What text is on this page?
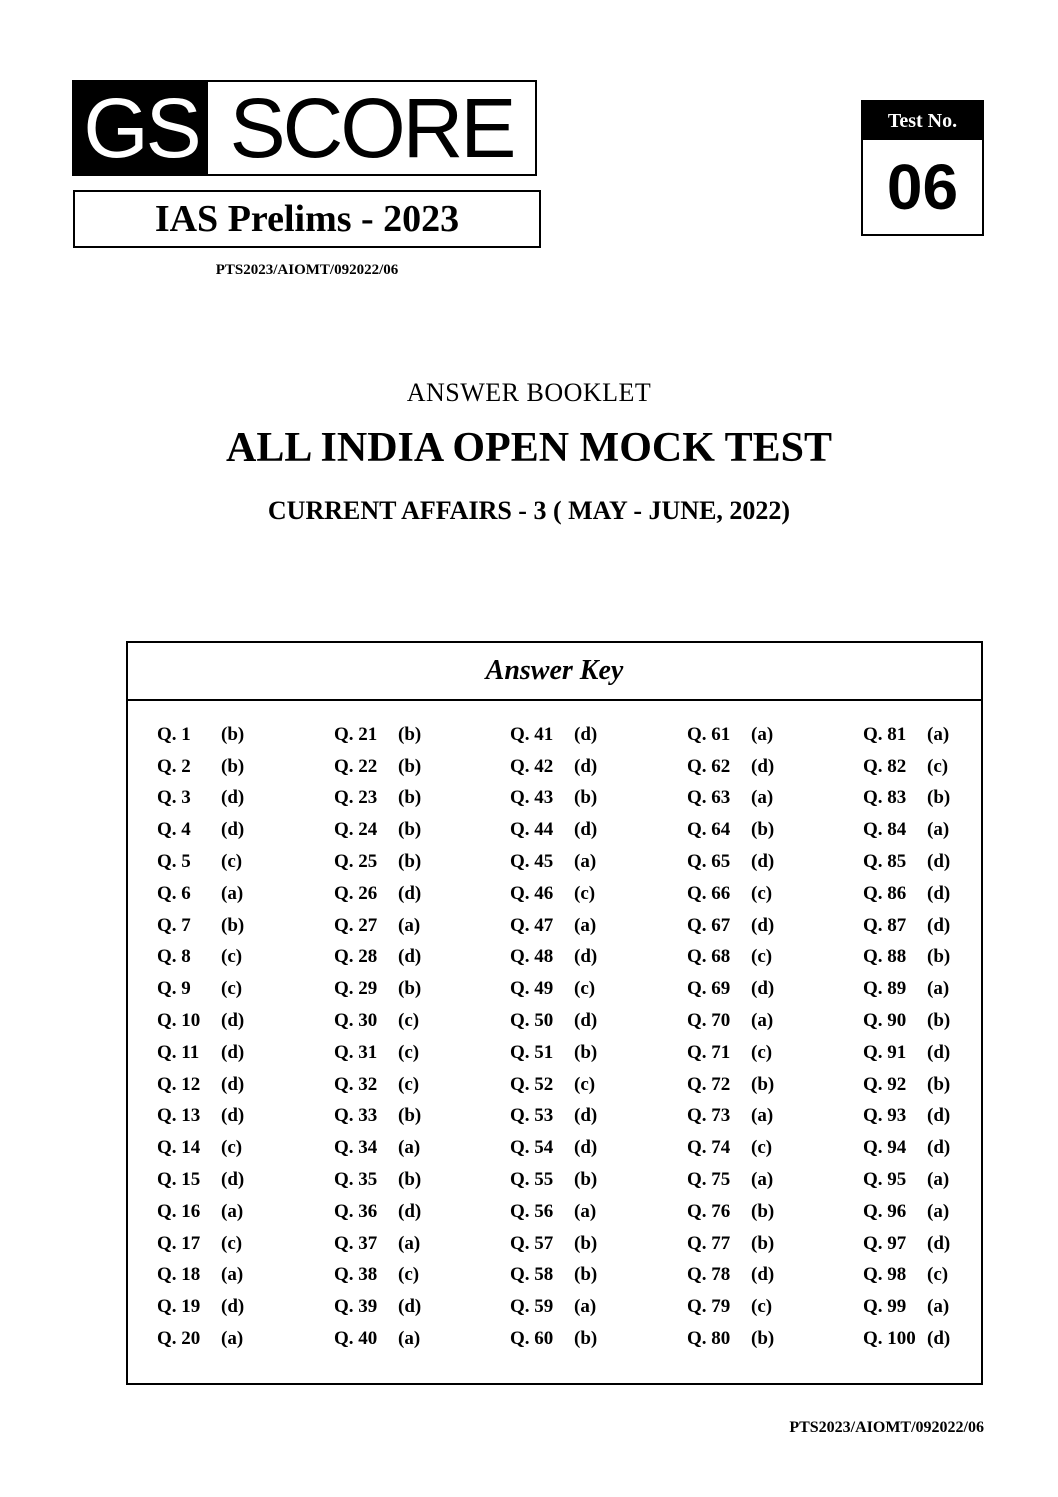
GS SCORE
IAS Prelims - 2023
PTS2023/AIOMT/092022/06
Test No.
06
ANSWER BOOKLET
ALL INDIA OPEN MOCK TEST
CURRENT AFFAIRS - 3 ( MAY - JUNE, 2022)
Answer Key
Q. 1	(b)
Q. 2	(b)
Q. 3	(d)
Q. 4	(d)
Q. 5	(c)
Q. 6	(a)
Q. 7	(b)
Q. 8	(c)
Q. 9	(c)
Q. 10	(d)
Q. 11	(d)
Q. 12	(d)
Q. 13	(d)
Q. 14	(c)
Q. 15	(d)
Q. 16	(a)
Q. 17	(c)
Q. 18	(a)
Q. 19	(d)
Q. 20	(a)
Q. 21	(b)
Q. 22	(b)
Q. 23	(b)
Q. 24	(b)
Q. 25	(b)
Q. 26	(d)
Q. 27	(a)
Q. 28	(d)
Q. 29	(b)
Q. 30	(c)
Q. 31	(c)
Q. 32	(c)
Q. 33	(b)
Q. 34	(a)
Q. 35	(b)
Q. 36	(d)
Q. 37	(a)
Q. 38	(c)
Q. 39	(d)
Q. 40	(a)
Q. 41	(d)
Q. 42	(d)
Q. 43	(b)
Q. 44	(d)
Q. 45	(a)
Q. 46	(c)
Q. 47	(a)
Q. 48	(d)
Q. 49	(c)
Q. 50	(d)
Q. 51	(b)
Q. 52	(c)
Q. 53	(d)
Q. 54	(d)
Q. 55	(b)
Q. 56	(a)
Q. 57	(b)
Q. 58	(b)
Q. 59	(a)
Q. 60	(b)
Q. 61	(a)
Q. 62	(d)
Q. 63	(a)
Q. 64	(b)
Q. 65	(d)
Q. 66	(c)
Q. 67	(d)
Q. 68	(c)
Q. 69	(d)
Q. 70	(a)
Q. 71	(c)
Q. 72	(b)
Q. 73	(a)
Q. 74	(c)
Q. 75	(a)
Q. 76	(b)
Q. 77	(b)
Q. 78	(d)
Q. 79	(c)
Q. 80	(b)
Q. 81	(a)
Q. 82	(c)
Q. 83	(b)
Q. 84	(a)
Q. 85	(d)
Q. 86	(d)
Q. 87	(d)
Q. 88	(b)
Q. 89	(a)
Q. 90	(b)
Q. 91	(d)
Q. 92	(b)
Q. 93	(d)
Q. 94	(d)
Q. 95	(a)
Q. 96	(a)
Q. 97	(d)
Q. 98	(c)
Q. 99	(a)
Q. 100 (d)
PTS2023/AIOMT/092022/06
